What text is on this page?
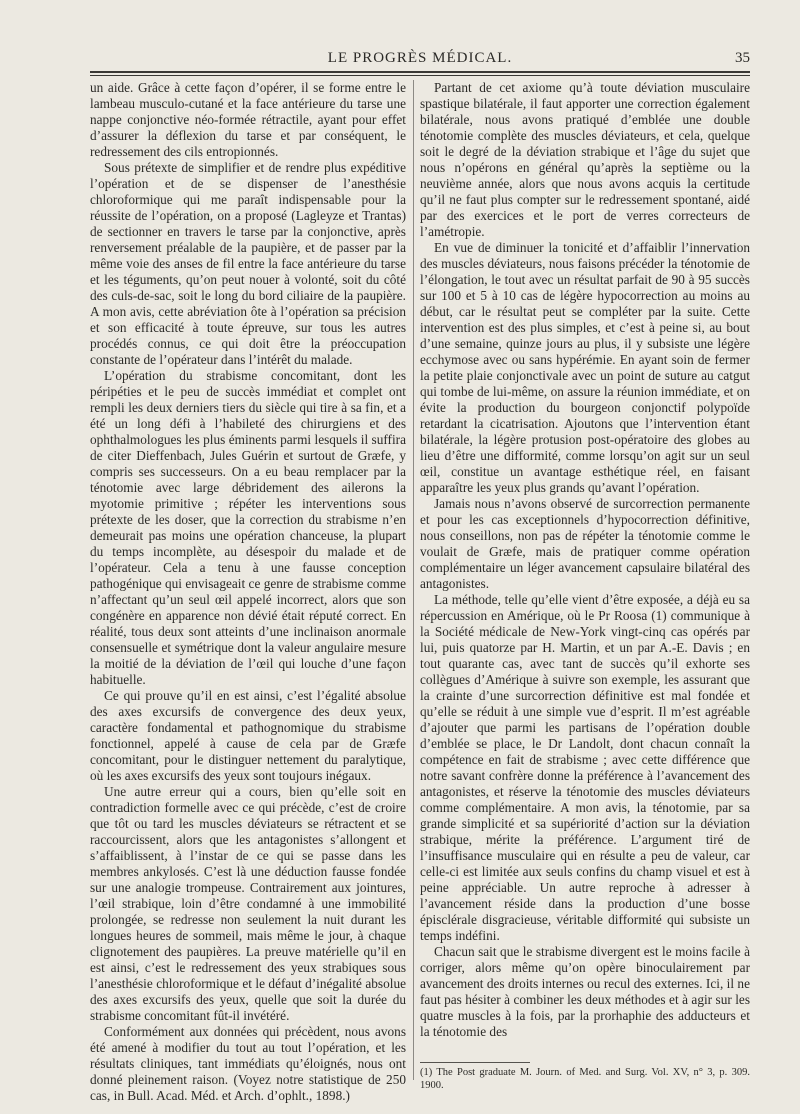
LE PROGRÈS MÉDICAL.	35

un aide. Grâce à cette façon d’opérer, il se forme entre le lambeau musculo-cutané et la face antérieure du tarse une nappe conjonctive néo-formée rétractile, ayant pour effet d’assurer la déflexion du tarse et par conséquent, le redressement des cils entropionnés.

Sous prétexte de simplifier et de rendre plus expéditive l’opération et de se dispenser de l’anesthésie chloroformique qui me paraît indispensable pour la réussite de l’opération, on a proposé (Lagleyze et Trantas) de sectionner en travers le tarse par la conjonctive, après renversement préalable de la paupière, et de passer par la même voie des anses de fil entre la face antérieure du tarse et les téguments, qu’on peut nouer à volonté, soit du côté des culs-de-sac, soit le long du bord ciliaire de la paupière. A mon avis, cette abréviation ôte à l’opération sa précision et son efficacité à toute épreuve, sur tous les autres procédés connus, ce qui doit être la préoccupation constante de l’opérateur dans l’intérêt du malade.

L’opération du strabisme concomitant, dont les péripéties et le peu de succès immédiat et complet ont rempli les deux derniers tiers du siècle qui tire à sa fin, et a été un long défi à l’habileté des chirurgiens et des ophthalmologues les plus éminents parmi lesquels il suffira de citer Dieffenbach, Jules Guérin et surtout de Græfe, y compris ses successeurs. On a eu beau remplacer par la ténotomie avec large débridement des ailerons la myotomie primitive ; répéter les interventions sous prétexte de les doser, que la correction du strabisme n’en demeurait pas moins une opération chanceuse, la plupart du temps incomplète, au désespoir du malade et de l’opérateur. Cela a tenu à une fausse conception pathogénique qui envisageait ce genre de strabisme comme n’affectant qu’un seul œil appelé incorrect, alors que son congénère en apparence non dévié était réputé correct. En réalité, tous deux sont atteints d’une inclinaison anormale consensuelle et symétrique dont la valeur angulaire mesure la moitié de la déviation de l’œil qui louche d’une façon habituelle.

Ce qui prouve qu’il en est ainsi, c’est l’égalité absolue des axes excursifs de convergence des deux yeux, caractère fondamental et pathognomique du strabisme fonctionnel, appelé à cause de cela par de Græfe concomitant, pour le distinguer nettement du paralytique, où les axes excursifs des yeux sont toujours inégaux.

Une autre erreur qui a cours, bien qu’elle soit en contradiction formelle avec ce qui précède, c’est de croire que tôt ou tard les muscles déviateurs se rétractent et se raccourcissent, alors que les antagonistes s’allongent et s’affaiblissent, à l’instar de ce qui se passe dans les membres ankylosés. C’est là une déduction fausse fondée sur une analogie trompeuse. Contrairement aux jointures, l’œil strabique, loin d’être condamné à une immobilité prolongée, se redresse non seulement la nuit durant les longues heures de sommeil, mais même le jour, à chaque clignotement des paupières. La preuve matérielle qu’il en est ainsi, c’est le redressement des yeux strabiques sous l’anesthésie chloroformique et le défaut d’inégalité absolue des axes excursifs des yeux, quelle que soit la durée du strabisme concomitant fût-il invétéré.

Conformément aux données qui précèdent, nous avons été amené à modifier du tout au tout l’opération, et les résultats cliniques, tant immédiats qu’éloignés, nous ont donné pleinement raison. (Voyez notre statistique de 250 cas, in Bull. Acad. Méd. et Arch. d’ophlt., 1898.)

Partant de cet axiome qu’à toute déviation musculaire spastique bilatérale, il faut apporter une correction également bilatérale, nous avons pratiqué d’emblée une double ténotomie complète des muscles déviateurs, et cela, quelque soit le degré de la déviation strabique et l’âge du sujet que nous n’opérons en général qu’après la septième ou la neuvième année, alors que nous avons acquis la certitude qu’il ne faut plus compter sur le redressement spontané, aidé par des exercices et le port de verres correcteurs de l’amétropie.

En vue de diminuer la tonicité et d’affaiblir l’innervation des muscles déviateurs, nous faisons précéder la ténotomie de l’élongation, le tout avec un résultat parfait de 90 à 95 succès sur 100 et 5 à 10 cas de légère hypocorrection au moins au début, car le résultat peut se compléter par la suite. Cette intervention est des plus simples, et c’est à peine si, au bout d’une semaine, quinze jours au plus, il y subsiste une légère ecchymose avec ou sans hypérémie. En ayant soin de fermer la petite plaie conjonctivale avec un point de suture au catgut qui tombe de lui-même, on assure la réunion immédiate, et on évite la production du bourgeon conjonctif polypoïde retardant la cicatrisation. Ajoutons que l’intervention étant bilatérale, la légère protusion post-opératoire des globes au lieu d’être une difformité, comme lorsqu’on agit sur un seul œil, constitue un avantage esthétique réel, en faisant apparaître les yeux plus grands qu’avant l’opération.

Jamais nous n’avons observé de surcorrection permanente et pour les cas exceptionnels d’hypocorrection définitive, nous conseillons, non pas de répéter la ténotomie comme le voulait de Græfe, mais de pratiquer comme opération complémentaire un léger avancement capsulaire bilatéral des antagonistes.

La méthode, telle qu’elle vient d’être exposée, a déjà eu sa répercussion en Amérique, où le Pr Roosa (1) communique à la Société médicale de New-York vingt-cinq cas opérés par lui, puis quatorze par H. Martin, et un par A.-E. Davis ; en tout quarante cas, avec tant de succès qu’il exhorte ses collègues d’Amérique à suivre son exemple, les assurant que la crainte d’une surcorrection définitive est mal fondée et qu’elle se réduit à une simple vue d’esprit. Il m’est agréable d’ajouter que parmi les partisans de l’opération double d’emblée se place, le Dr Landolt, dont chacun connaît la compétence en fait de strabisme ; avec cette différence que notre savant confrère donne la préférence à l’avancement des antagonistes, et réserve la ténotomie des muscles déviateurs comme complémentaire. A mon avis, la ténotomie, par sa grande simplicité et sa supériorité d’action sur la déviation strabique, mérite la préférence. L’argument tiré de l’insuffisance musculaire qui en résulte a peu de valeur, car celle-ci est limitée aux seuls confins du champ visuel et est à peine appréciable. Un autre reproche à adresser à l’avancement réside dans la production d’une bosse épisclérale disgracieuse, véritable difformité qui subsiste un temps indéfini.

Chacun sait que le strabisme divergent est le moins facile à corriger, alors même qu’on opère binoculairement par avancement des droits internes ou recul des externes. Ici, il ne faut pas hésiter à combiner les deux méthodes et à agir sur les quatre muscles à la fois, par la prorhaphie des adducteurs et la ténotomie des

(1) The Post graduate M. Journ. of Med. and Surg. Vol. XV, n° 3, p. 309. 1900.
